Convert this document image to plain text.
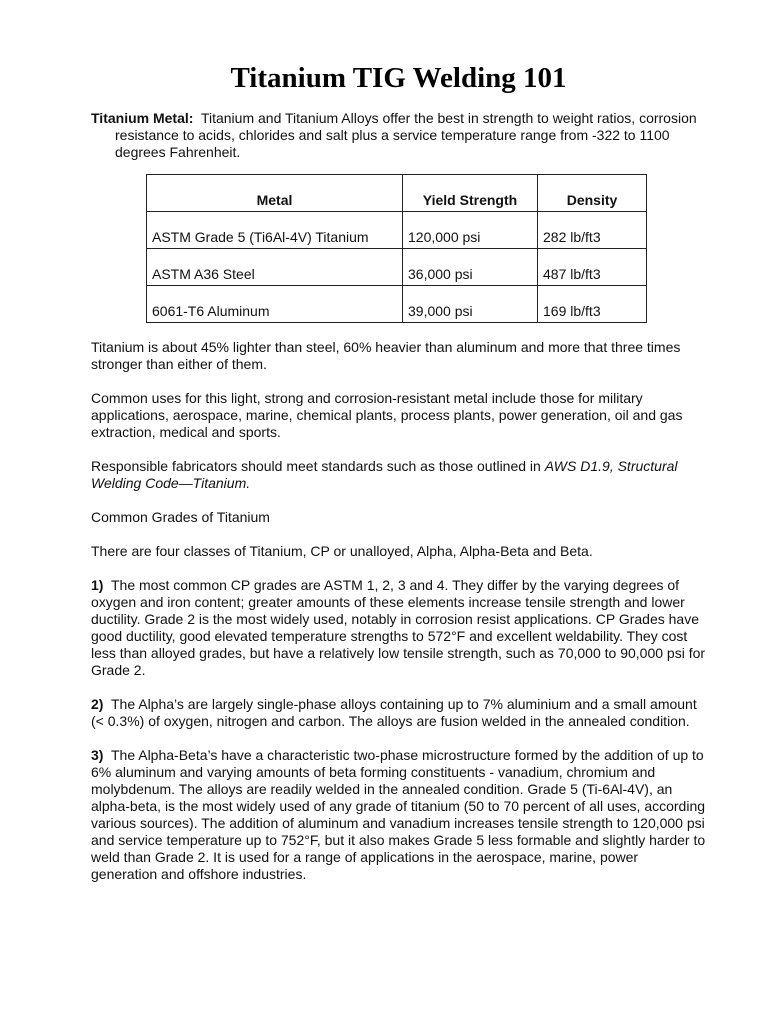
Titanium TIG Welding 101

Titanium Metal: Titanium and Titanium Alloys offer the best in strength to weight ratios, corrosion resistance to acids, chlorides and salt plus a service temperature range from -322 to 1100 degrees Fahrenheit.

Metal	Yield Strength	Density
ASTM Grade 5 (Ti6Al-4V) Titanium	120,000 psi	282 lb/ft3
ASTM A36 Steel	36,000 psi	487 lb/ft3
6061-T6 Aluminum	39,000 psi	169 lb/ft3

Titanium is about 45% lighter than steel, 60% heavier than aluminum and more that three times stronger than either of them.

Common uses for this light, strong and corrosion-resistant metal include those for military applications, aerospace, marine, chemical plants, process plants, power generation, oil and gas extraction, medical and sports.

Responsible fabricators should meet standards such as those outlined in AWS D1.9, Structural Welding Code—Titanium.

Common Grades of Titanium

There are four classes of Titanium, CP or unalloyed, Alpha, Alpha-Beta and Beta.

1) The most common CP grades are ASTM 1, 2, 3 and 4. They differ by the varying degrees of oxygen and iron content; greater amounts of these elements increase tensile strength and lower ductility. Grade 2 is the most widely used, notably in corrosion resist applications. CP Grades have good ductility, good elevated temperature strengths to 572°F and excellent weldability. They cost less than alloyed grades, but have a relatively low tensile strength, such as 70,000 to 90,000 psi for Grade 2.

2) The Alpha’s are largely single-phase alloys containing up to 7% aluminium and a small amount (< 0.3%) of oxygen, nitrogen and carbon. The alloys are fusion welded in the annealed condition.

3) The Alpha-Beta’s have a characteristic two-phase microstructure formed by the addition of up to 6% aluminum and varying amounts of beta forming constituents - vanadium, chromium and molybdenum. The alloys are readily welded in the annealed condition. Grade 5 (Ti-6Al-4V), an alpha-beta, is the most widely used of any grade of titanium (50 to 70 percent of all uses, according various sources). The addition of aluminum and vanadium increases tensile strength to 120,000 psi and service temperature up to 752°F, but it also makes Grade 5 less formable and slightly harder to weld than Grade 2. It is used for a range of applications in the aerospace, marine, power generation and offshore industries.
